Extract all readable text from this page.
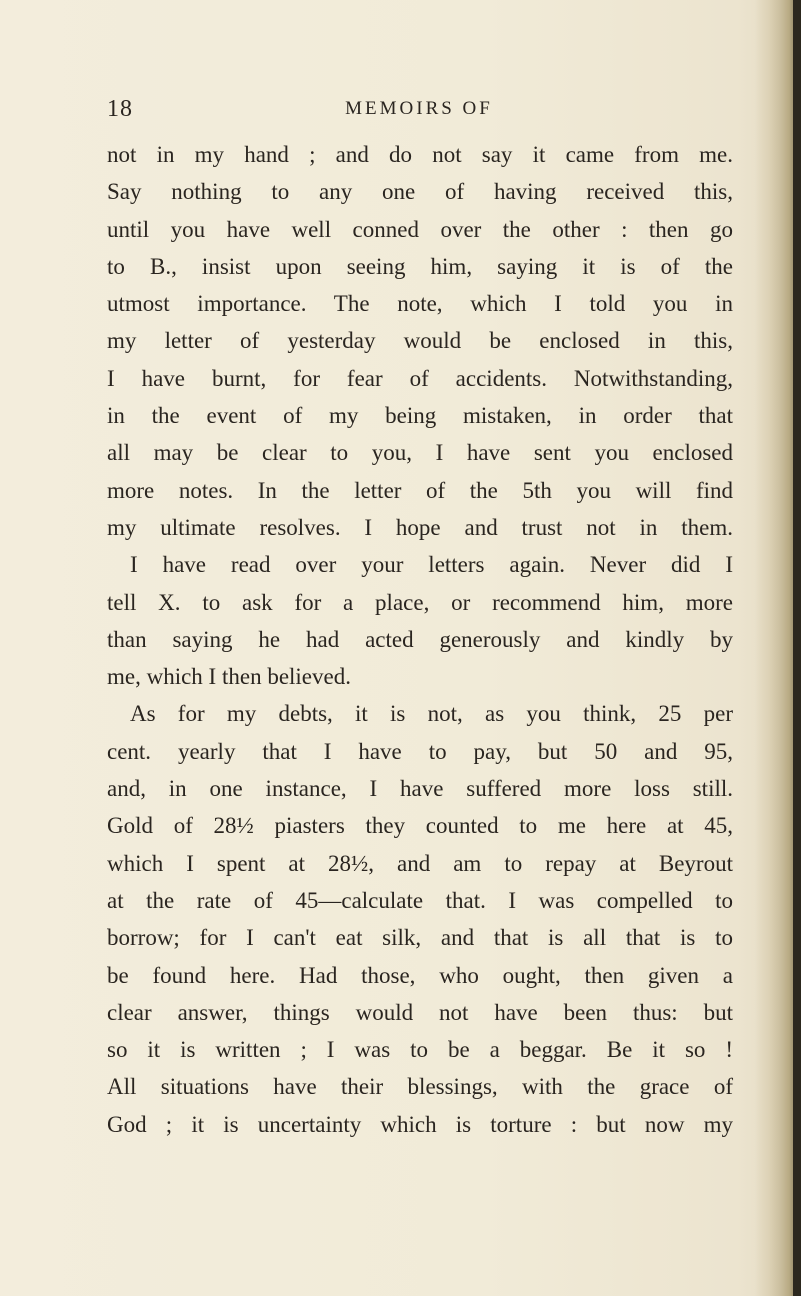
18	MEMOIRS OF
not in my hand ; and do not say it came from me.
Say nothing to any one of having received this,
until you have well conned over the other : then go
to B., insist upon seeing him, saying it is of the
utmost importance. The note, which I told you in
my letter of yesterday would be enclosed in this,
I have burnt, for fear of accidents. Notwithstanding,
in the event of my being mistaken, in order that
all may be clear to you, I have sent you enclosed
more notes. In the letter of the 5th you will find
my ultimate resolves. I hope and trust not in them.
I have read over your letters again. Never did I
tell X. to ask for a place, or recommend him, more
than saying he had acted generously and kindly by
me, which I then believed.
As for my debts, it is not, as you think, 25 per
cent. yearly that I have to pay, but 50 and 95,
and, in one instance, I have suffered more loss still.
Gold of 28½ piasters they counted to me here at 45,
which I spent at 28½, and am to repay at Beyrout
at the rate of 45—calculate that. I was compelled to
borrow; for I can't eat silk, and that is all that is to
be found here. Had those, who ought, then given a
clear answer, things would not have been thus: but
so it is written ; I was to be a beggar. Be it so !
All situations have their blessings, with the grace of
God ; it is uncertainty which is torture : but now my
